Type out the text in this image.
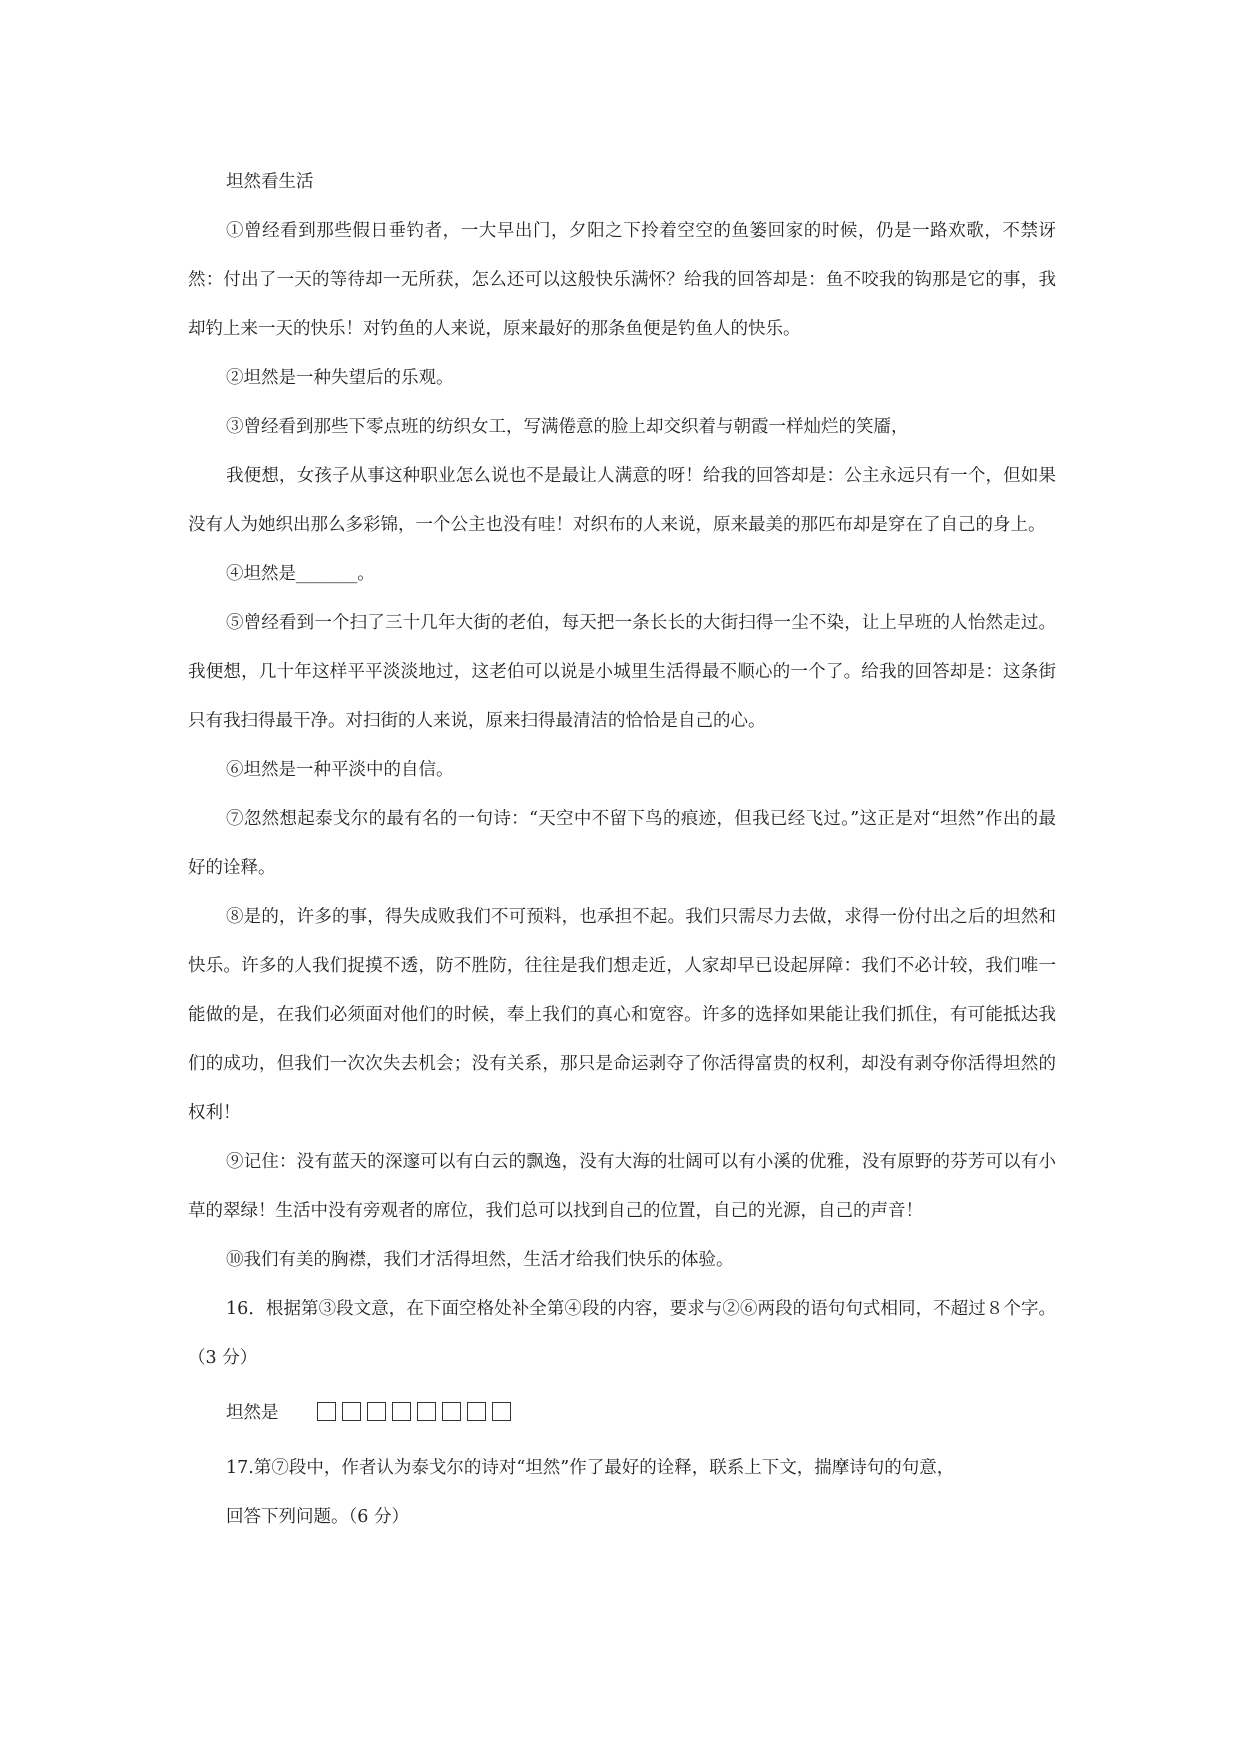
坦然看生活

①曾经看到那些假日垂钓者，一大早出门，夕阳之下拎着空空的鱼篓回家的时候，仍是一路欢歌，不禁讶然：付出了一天的等待却一无所获，怎么还可以这般快乐满怀？给我的回答却是：鱼不咬我的钩那是它的事，我却钓上来一天的快乐！对钓鱼的人来说，原来最好的那条鱼便是钓鱼人的快乐。

②坦然是一种失望后的乐观。

③曾经看到那些下零点班的纺织女工，写满倦意的脸上却交织着与朝霞一样灿烂的笑靥，

我便想，女孩子从事这种职业怎么说也不是最让人满意的呀！给我的回答却是：公主永远只有一个，但如果没有人为她织出那么多彩锦，一个公主也没有哇！对织布的人来说，原来最美的那匹布却是穿在了自己的身上。

④坦然是_______。

⑤曾经看到一个扫了三十几年大街的老伯，每天把一条长长的大街扫得一尘不染，让上早班的人怡然走过。我便想，几十年这样平平淡淡地过，这老伯可以说是小城里生活得最不顺心的一个了。给我的回答却是：这条街只有我扫得最干净。对扫街的人来说，原来扫得最清洁的恰恰是自己的心。

⑥坦然是一种平淡中的自信。

⑦忽然想起泰戈尔的最有名的一句诗：“天空中不留下鸟的痕迹，但我已经飞过。”这正是对“坦然”作出的最好的诠释。

⑧是的，许多的事，得失成败我们不可预料，也承担不起。我们只需尽力去做，求得一份付出之后的坦然和快乐。许多的人我们捉摸不透，防不胜防，往往是我们想走近，人家却早已设起屏障：我们不必计较，我们唯一能做的是，在我们必须面对他们的时候，奉上我们的真心和宽容。许多的选择如果能让我们抓住，有可能抵达我们的成功，但我们一次次失去机会；没有关系，那只是命运剥夺了你活得富贵的权利，却没有剥夺你活得坦然的权利！

⑨记住：没有蓝天的深邃可以有白云的飘逸，没有大海的壮阔可以有小溪的优雅，没有原野的芬芳可以有小草的翠绿！生活中没有旁观者的席位，我们总可以找到自己的位置，自己的光源，自己的声音！

⑩我们有美的胸襟，我们才活得坦然，生活才给我们快乐的体验。

16．根据第③段文意，在下面空格处补全第④段的内容，要求与②⑥两段的语句句式相同，不超过８个字。（3 分）

坦然是

17.第⑦段中，作者认为泰戈尔的诗对“坦然”作了最好的诠释，联系上下文，揣摩诗句的句意，

回答下列问题。（6 分）
